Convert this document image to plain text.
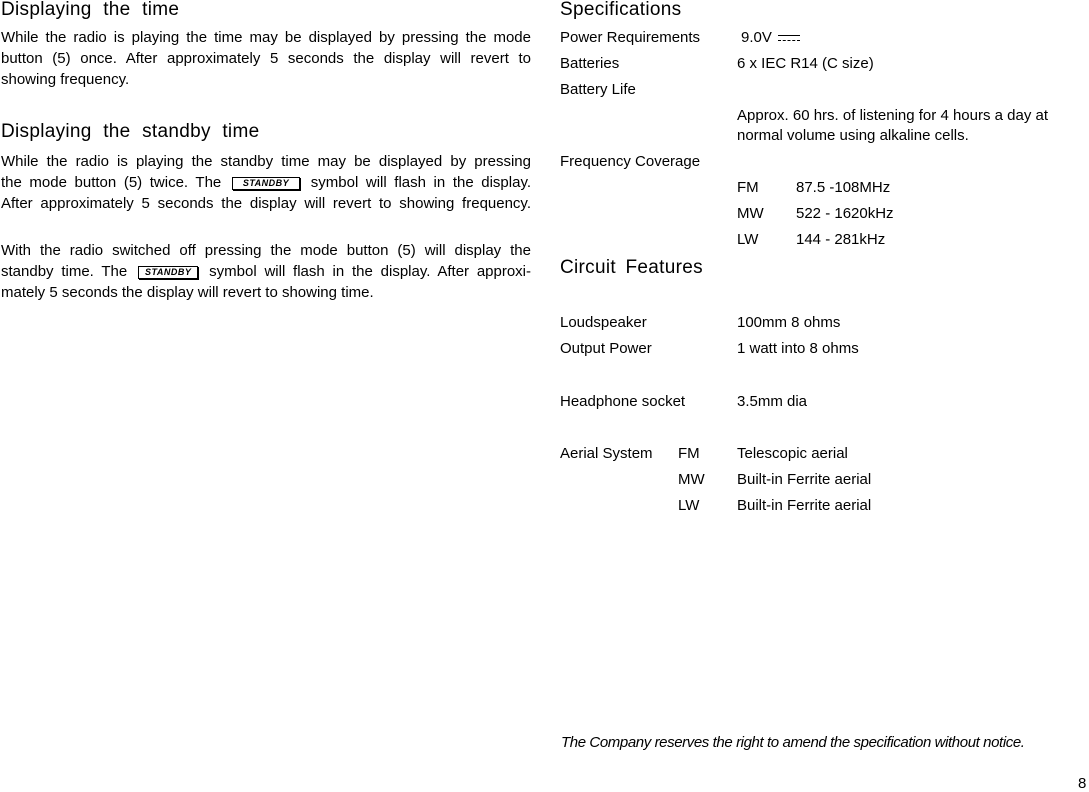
Displaying the time
While the radio is playing the time may be displayed by pressing the mode
button (5) once. After approximately 5 seconds the display will revert to
showing frequency.
Displaying the standby time
While the radio is playing the standby time may be displayed by pressing
the mode button (5) twice. The STANDBY symbol will flash in the display.
After approximately 5 seconds the display will revert to showing frequency.
With the radio switched off pressing the mode button (5) will display the
standby time. The STANDBY symbol will flash in the display. After approxi-
mately 5 seconds the display will revert to showing time.
Specifications
Power Requirements	9.0V
Batteries	6 x IEC R14 (C size)
Battery Life
Approx. 60 hrs. of listening for 4 hours a day at
normal volume using alkaline cells.
Frequency Coverage
FM 87.5 -108MHz
MW 522 - 1620kHz
LW	144 - 281kHz
Circuit Features
Loudspeaker	100mm 8 ohms
Output Power	1 watt into 8 ohms
Headphone socket	3.5mm dia
Aerial System FM Telescopic aerial
MW Built-in Ferrite aerial
LW	Built-in Ferrite aerial
The Company reserves the right to amend the specification without notice.
8
